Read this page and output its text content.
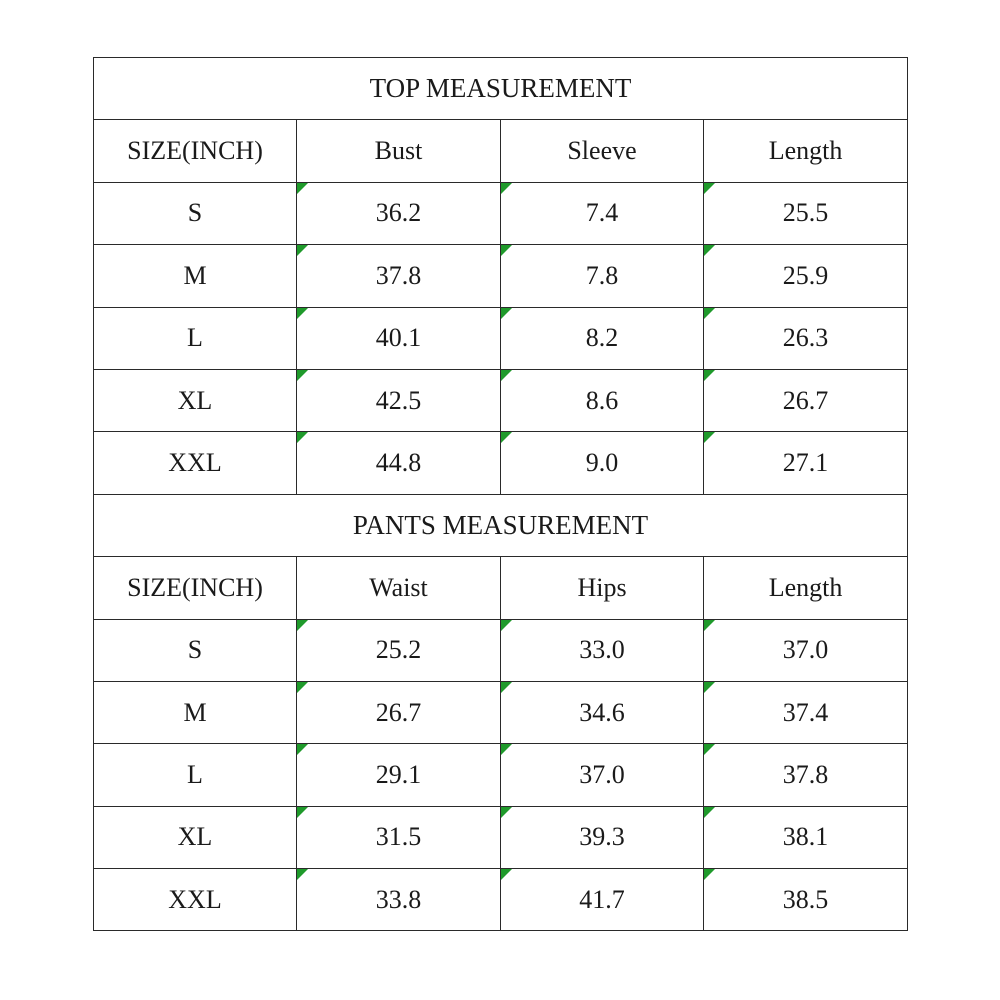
TOP MEASUREMENT			
SIZE(INCH)	Bust	Sleeve	Length
S	36.2	7.4	25.5
M	37.8	7.8	25.9
L	40.1	8.2	26.3
XL	42.5	8.6	26.7
XXL	44.8	9.0	27.1
PANTS MEASUREMENT			
SIZE(INCH)	Waist	Hips	Length
S	25.2	33.0	37.0
M	26.7	34.6	37.4
L	29.1	37.0	37.8
XL	31.5	39.3	38.1
XXL	33.8	41.7	38.5
